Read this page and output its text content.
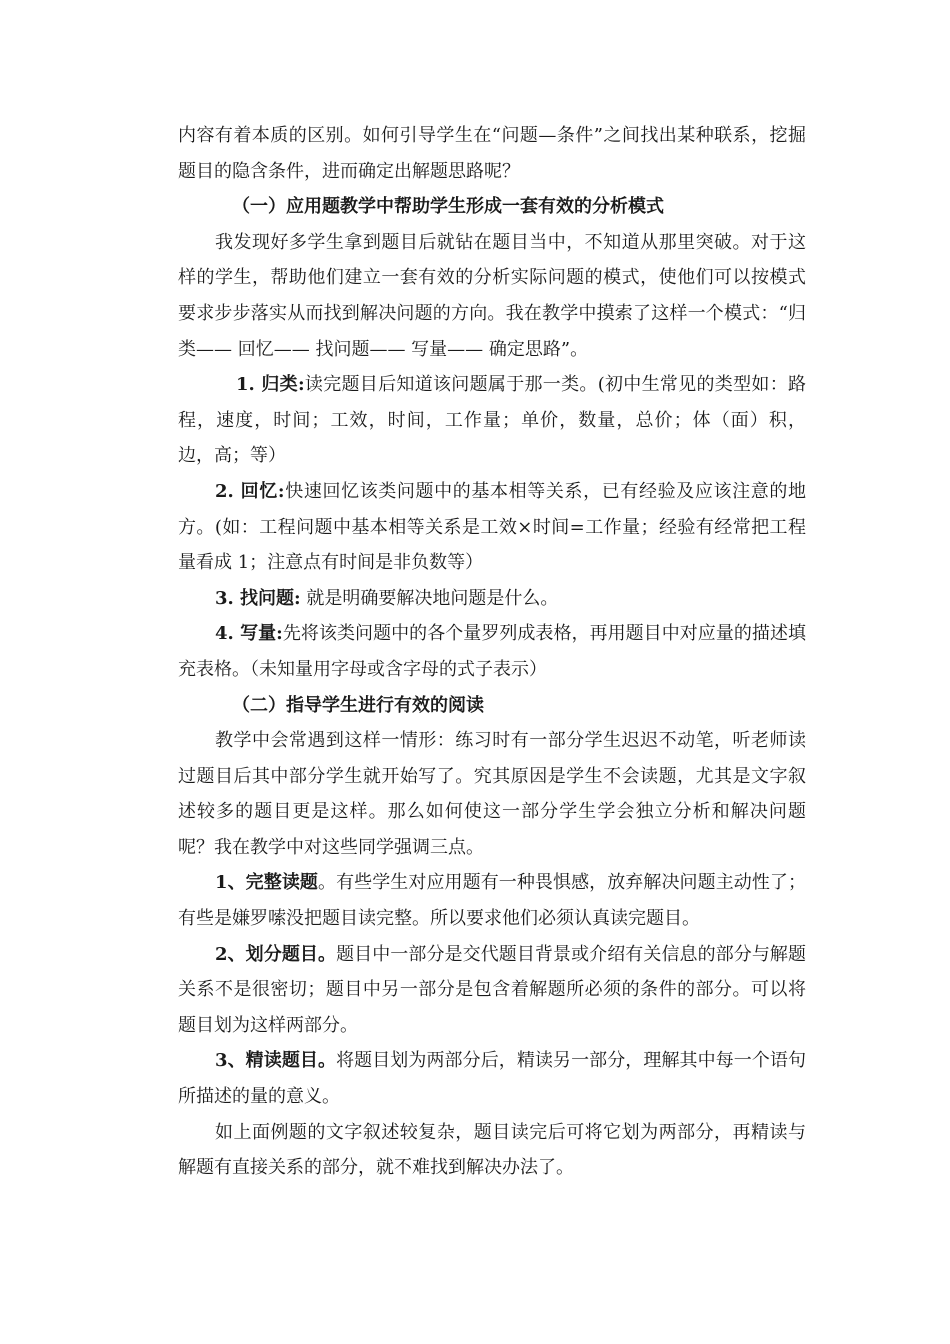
内容有着本质的区别。如何引导学生在“问题—条件”之间找出某种联系，挖掘题目的隐含条件，进而确定出解题思路呢？

（一）应用题教学中帮助学生形成一套有效的分析模式

我发现好多学生拿到题目后就钻在题目当中，不知道从那里突破。对于这样的学生，帮助他们建立一套有效的分析实际问题的模式，使他们可以按模式要求步步落实从而找到解决问题的方向。我在教学中摸索了这样一个模式：“归类—— 回忆—— 找问题—— 写量—— 确定思路”。

1. 归类:读完题目后知道该问题属于那一类。(初中生常见的类型如：路程，速度，时间；工效，时间，工作量；单价，数量，总价；体（面）积，边，高；等）

2. 回忆:快速回忆该类问题中的基本相等关系，已有经验及应该注意的地方。(如：工程问题中基本相等关系是工效×时间=工作量；经验有经常把工程量看成 1；注意点有时间是非负数等）

3. 找问题: 就是明确要解决地问题是什么。

4. 写量:先将该类问题中的各个量罗列成表格，再用题目中对应量的描述填充表格。（未知量用字母或含字母的式子表示）

（二）指导学生进行有效的阅读

教学中会常遇到这样一情形：练习时有一部分学生迟迟不动笔，听老师读过题目后其中部分学生就开始写了。究其原因是学生不会读题，尤其是文字叙述较多的题目更是这样。那么如何使这一部分学生学会独立分析和解决问题呢？我在教学中对这些同学强调三点。

1、完整读题。有些学生对应用题有一种畏惧感，放弃解决问题主动性了；有些是嫌罗嗦没把题目读完整。所以要求他们必须认真读完题目。

2、划分题目。题目中一部分是交代题目背景或介绍有关信息的部分与解题关系不是很密切；题目中另一部分是包含着解题所必须的条件的部分。可以将题目划为这样两部分。

3、精读题目。将题目划为两部分后，精读另一部分，理解其中每一个语句所描述的量的意义。

如上面例题的文字叙述较复杂，题目读完后可将它划为两部分，再精读与解题有直接关系的部分，就不难找到解决办法了。
